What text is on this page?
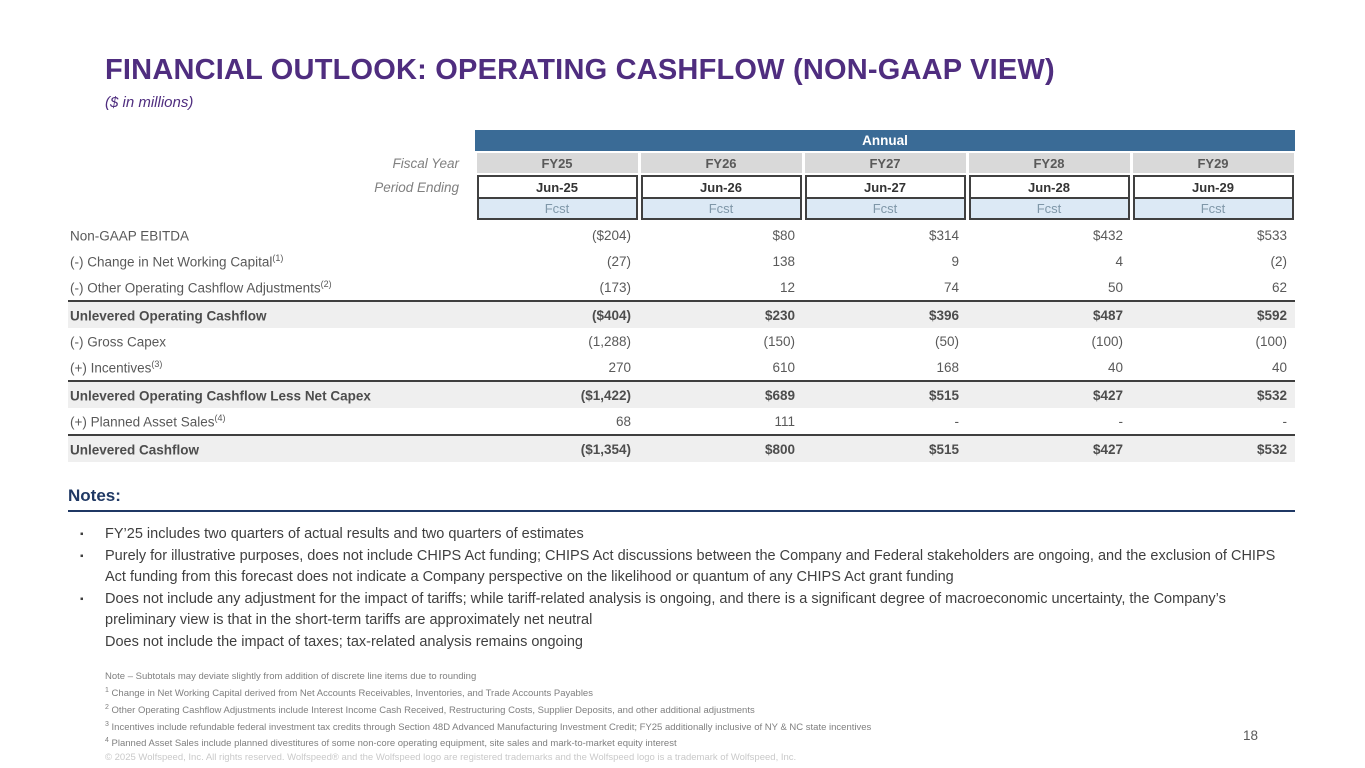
FINANCIAL OUTLOOK: OPERATING CASHFLOW (NON-GAAP VIEW)
($ in millions)
Annual
Fiscal Year	FY25	FY26	FY27	FY28	FY29
Period Ending	Jun-25	Jun-26	Jun-27	Jun-28	Jun-29
Fcst	Fcst	Fcst	Fcst	Fcst
Non-GAAP EBITDA	($204)	$80	$314	$432	$533
(-) Change in Net Working Capital$^{(1)}$	(27)	138	9	4	(2)
(-) Other Operating Cashflow Adjustments$^{(2)}$	(173)	12	74	50	62
Unlevered Operating Cashflow	($404)	$230	$396	$487	$592
(-) Gross Capex	(1,288)	(150)	(50)	(100)	(100)
(+) Incentives$^{(3)}$	270	610	168	40	40
Unlevered Operating Cashflow Less Net Capex	($1,422)	$689	$515	$427	$532
(+) Planned Asset Sales$^{(4)}$	68	111	-	-	-
Unlevered Cashflow	($1,354)	$800	$515	$427	$532
Notes:
▪	FY’25 includes two quarters of actual results and two quarters of estimates
▪	Purely for illustrative purposes, does not include CHIPS Act funding; CHIPS Act discussions between the Company and Federal stakeholders are ongoing, and the exclusion of CHIPS Act funding from this forecast does not indicate a Company perspective on the likelihood or quantum of any CHIPS Act grant funding
▪	Does not include any adjustment for the impact of tariffs; while tariff-related analysis is ongoing, and there is a significant degree of macroeconomic uncertainty, the Company’s preliminary view is that in the short-term tariffs are approximately net neutral
Does not include the impact of taxes; tax-related analysis remains ongoing
Note – Subtotals may deviate slightly from addition of discrete line items due to rounding
$^1$ Change in Net Working Capital derived from Net Accounts Receivables, Inventories, and Trade Accounts Payables
$^2$ Other Operating Cashflow Adjustments include Interest Income Cash Received, Restructuring Costs, Supplier Deposits, and other additional adjustments
$^3$ Incentives include refundable federal investment tax credits through Section 48D Advanced Manufacturing Investment Credit; FY25 additionally inclusive of NY & NC state incentives
$^4$ Planned Asset Sales include planned divestitures of some non-core operating equipment, site sales and mark-to-market equity interest
© 2025 Wolfspeed, Inc. All rights reserved. Wolfspeed® and the Wolfspeed logo are registered trademarks and the Wolfspeed logo is a trademark of Wolfspeed, Inc.
18
